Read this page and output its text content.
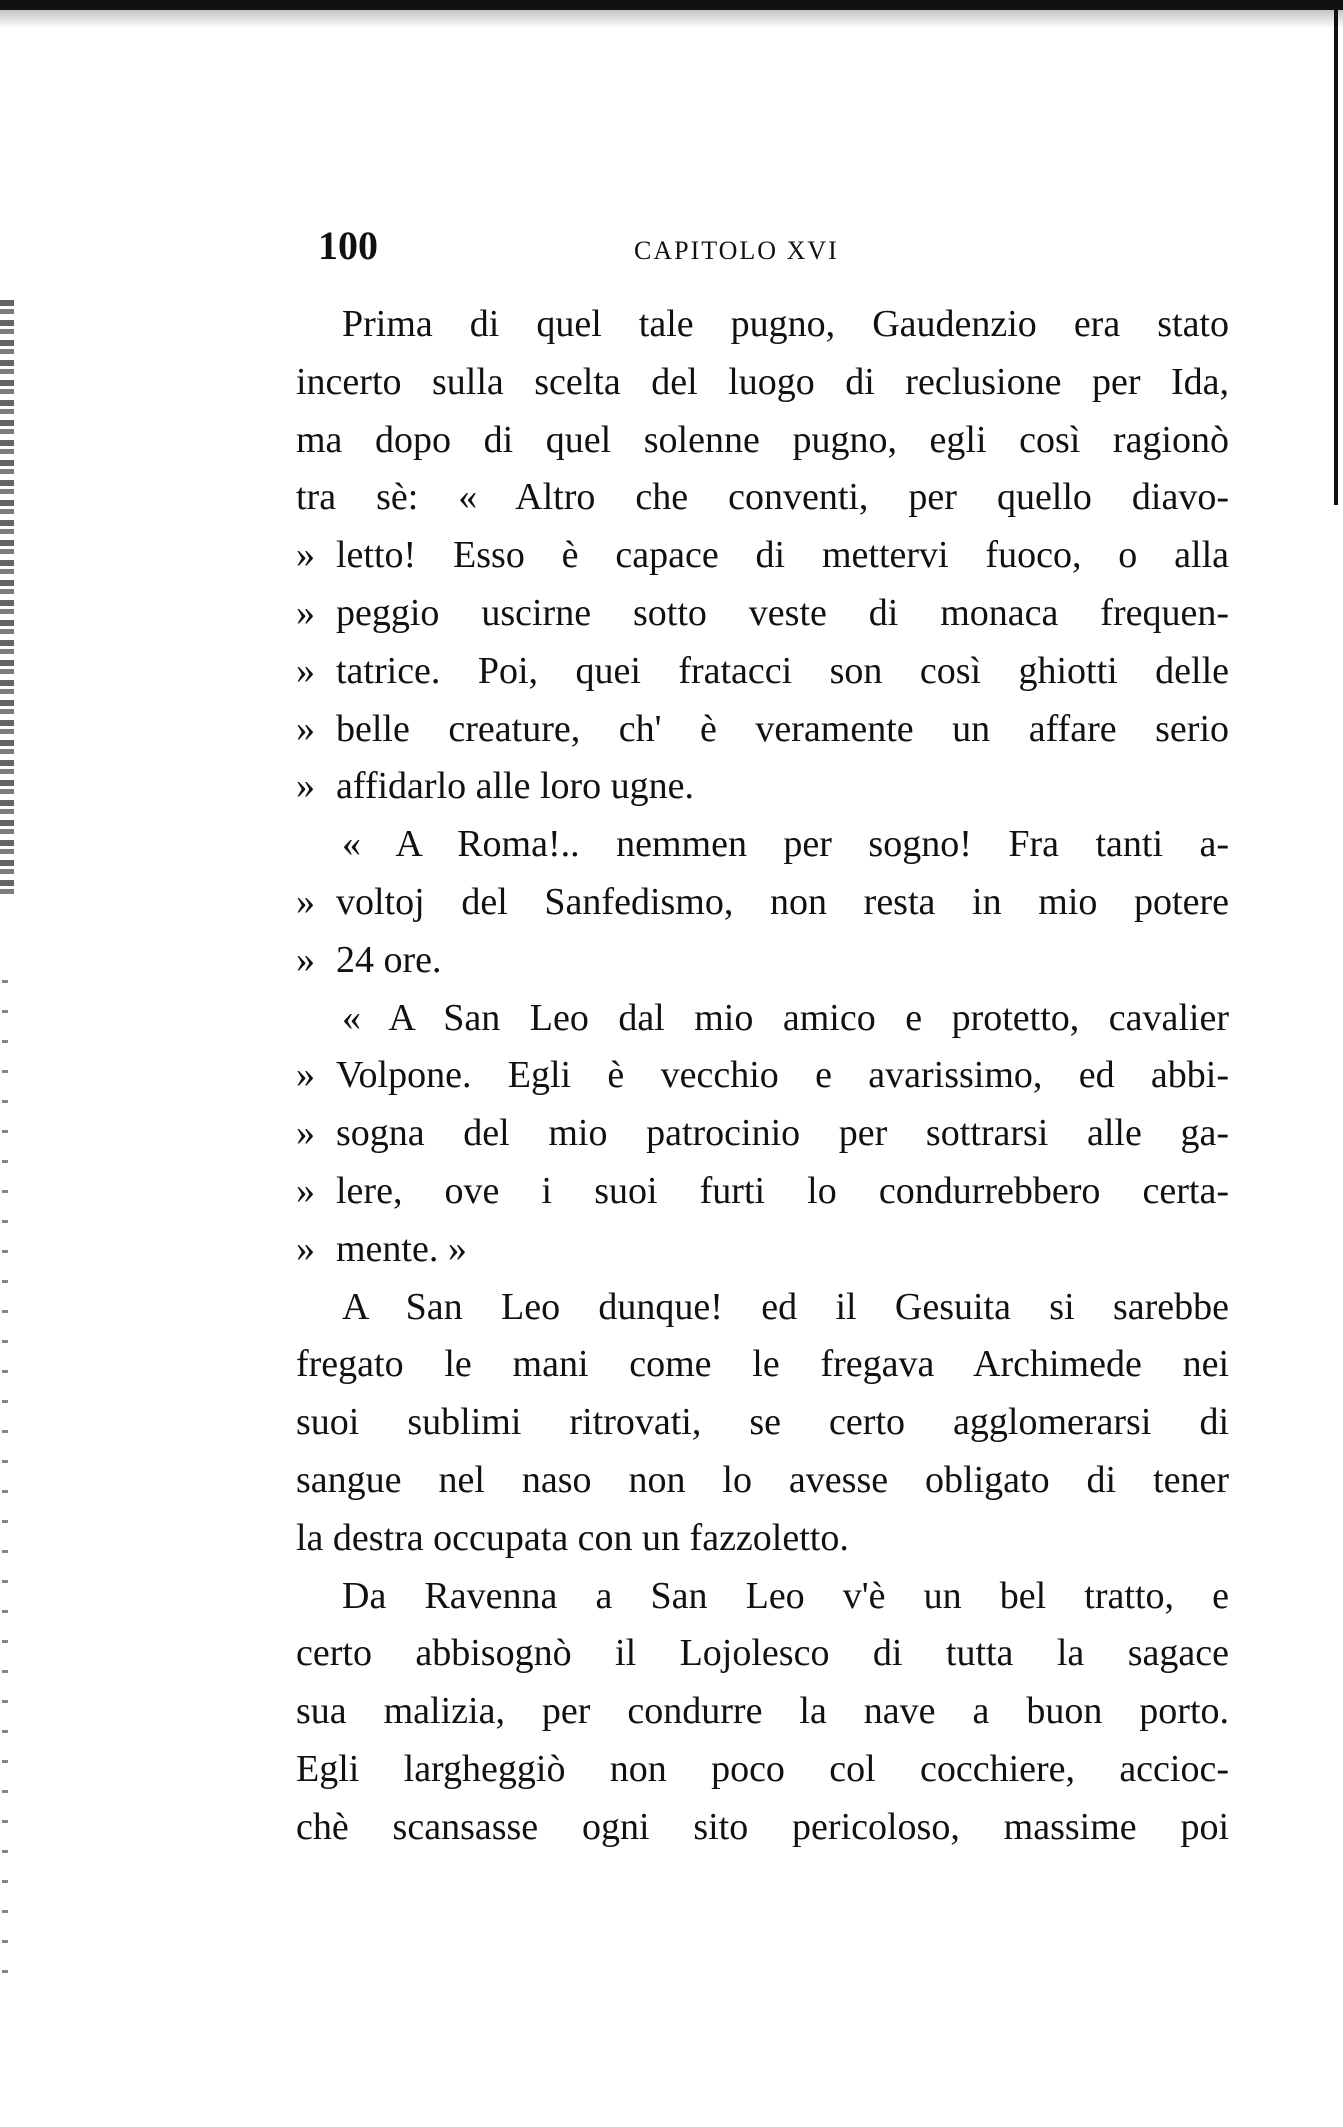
100	CAPITOLO XVI
Prima di quel tale pugno, Gaudenzio era stato
incerto sulla scelta del luogo di reclusione per Ida,
ma dopo di quel solenne pugno, egli così ragionò
tra sè: « Altro che conventi, per quello diavo-
» letto! Esso è capace di mettervi fuoco, o alla
» peggio uscirne sotto veste di monaca frequen-
» tatrice. Poi, quei fratacci son così ghiotti delle
» belle creature, ch' è veramente un affare serio
» affidarlo alle loro ugne.
« A Roma!.. nemmen per sogno! Fra tanti a-
» voltoj del Sanfedismo, non resta in mio potere
» 24 ore.
« A San Leo dal mio amico e protetto, cavalier
» Volpone. Egli è vecchio e avarissimo, ed abbi-
» sogna del mio patrocinio per sottrarsi alle ga-
» lere, ove i suoi furti lo condurrebbero certa-
» mente. »
A San Leo dunque! ed il Gesuita si sarebbe
fregato le mani come le fregava Archimede nei
suoi sublimi ritrovati, se certo agglomerarsi di
sangue nel naso non lo avesse obligato di tener
la destra occupata con un fazzoletto.
Da Ravenna a San Leo v'è un bel tratto, e
certo abbisognò il Lojolesco di tutta la sagace
sua malizia, per condurre la nave a buon porto.
Egli largheggiò non poco col cocchiere, accioc-
chè scansasse ogni sito pericoloso, massime poi
